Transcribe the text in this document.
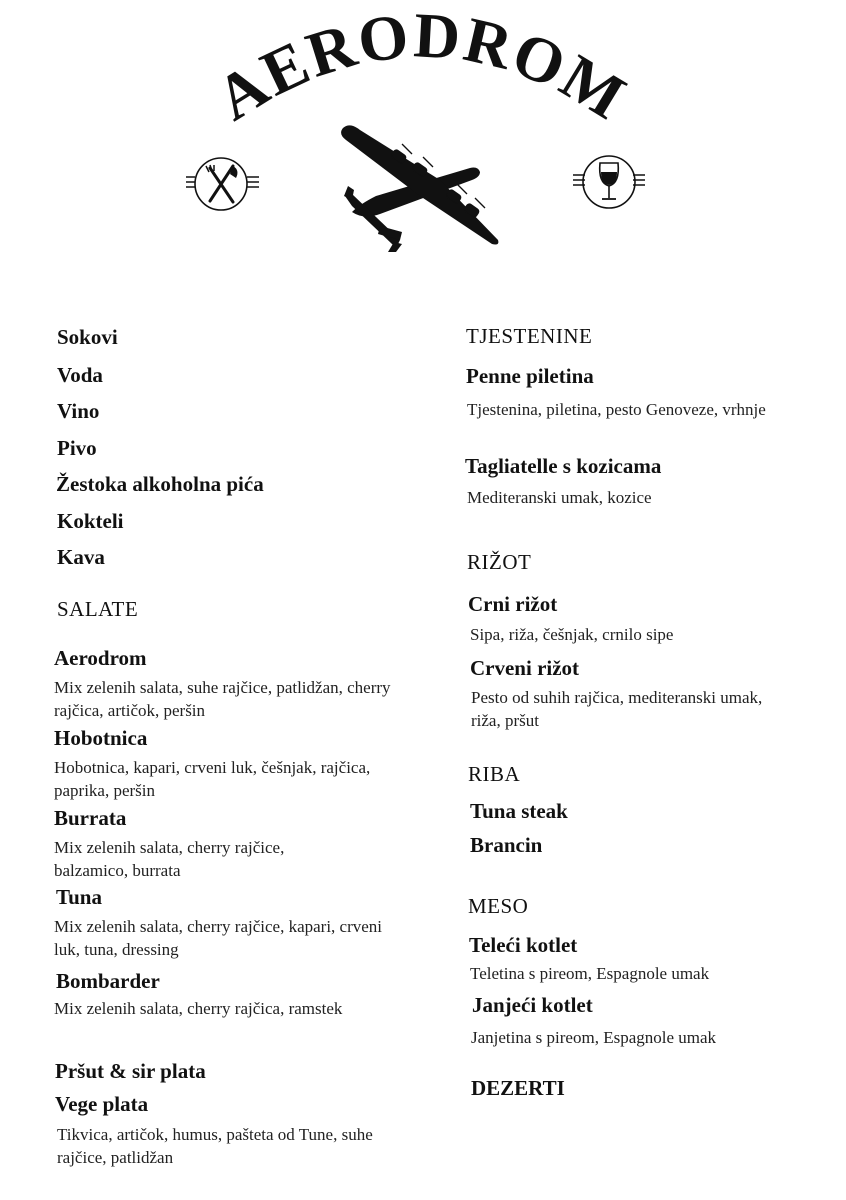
AERODROM
Sokovi
Voda
Vino
Pivo
Žestoka alkoholna pića
Kokteli
Kava
SALATE
Aerodrom
Mix zelenih salata, suhe rajčice, patlidžan, cherry rajčica, artičok, peršin
Hobotnica
Hobotnica, kapari, crveni luk, češnjak, rajčica, paprika, peršin
Burrata
Mix zelenih salata, cherry rajčice, balzamico, burrata
Tuna
Mix zelenih salata, cherry rajčice, kapari, crveni luk, tuna, dressing
Bombarder
Mix zelenih salata, cherry rajčica, ramstek
Pršut & sir plata
Vege plata
Tikvica, artičok, humus, pašteta od Tune, suhe rajčice, patlidžan
TJESTENINE
Penne piletina
Tjestenina, piletina, pesto Genoveze, vrhnje
Tagliatelle s kozicama
Mediteranski umak, kozice
RIŽOT
Crni rižot
Sipa, riža, češnjak, crnilo sipe
Crveni rižot
Pesto od suhih rajčica, mediteranski umak, riža, pršut
RIBA
Tuna steak
Brancin
MESO
Teleći kotlet
Teletina s pireom, Espagnole umak
Janjeći kotlet
Janjetina s pireom, Espagnole umak
DEZERTI
